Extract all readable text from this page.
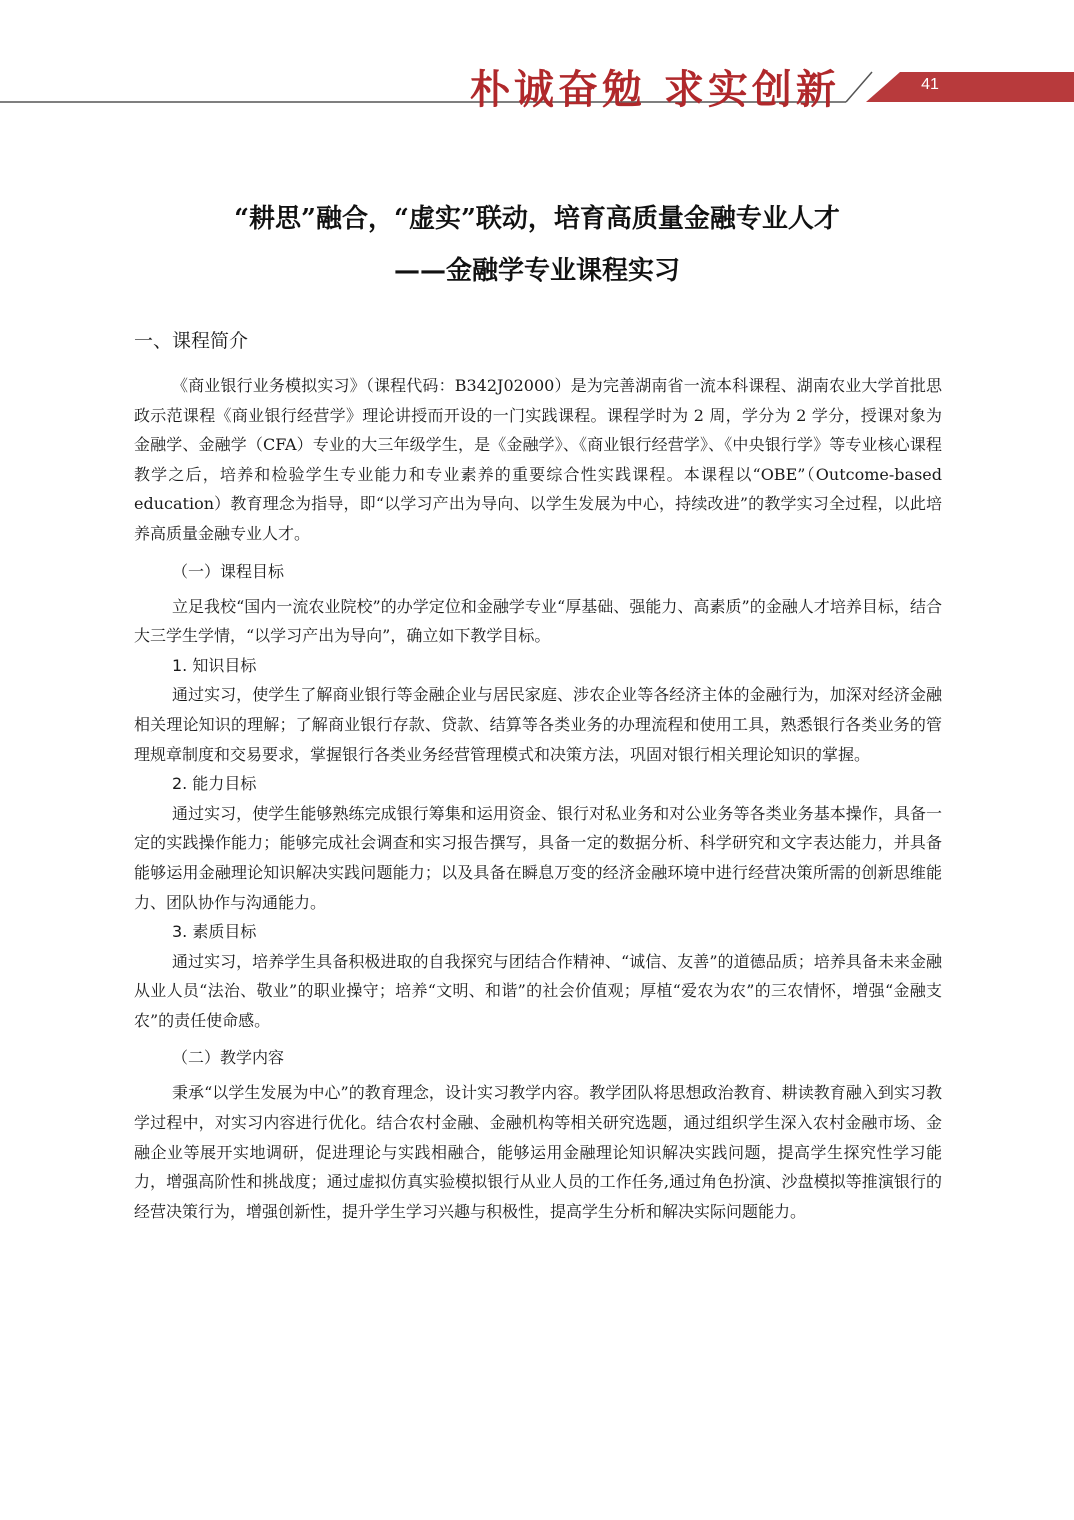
朴诚奋勉 求实创新	41
“耕思”融合，“虚实”联动，培育高质量金融专业人才
——金融学专业课程实习
一、课程简介
《商业银行业务模拟实习》（课程代码：B342J02000）是为完善湖南省一流本科课程、湖南农业大学首批思政示范课程《商业银行经营学》理论讲授而开设的一门实践课程。课程学时为 2 周，学分为 2 学分，授课对象为金融学、金融学（CFA）专业的大三年级学生，是《金融学》、《商业银行经营学》、《中央银行学》等专业核心课程教学之后，培养和检验学生专业能力和专业素养的重要综合性实践课程。本课程以“OBE”（Outcome-based education）教育理念为指导，即“以学习产出为导向、以学生发展为中心，持续改进”的教学实习全过程，以此培养高质量金融专业人才。
（一）课程目标
立足我校“国内一流农业院校”的办学定位和金融学专业“厚基础、强能力、高素质”的金融人才培养目标，结合大三学生学情，“以学习产出为导向”，确立如下教学目标。
1. 知识目标
通过实习，使学生了解商业银行等金融企业与居民家庭、涉农企业等各经济主体的金融行为，加深对经济金融相关理论知识的理解；了解商业银行存款、贷款、结算等各类业务的办理流程和使用工具，熟悉银行各类业务的管理规章制度和交易要求，掌握银行各类业务经营管理模式和决策方法，巩固对银行相关理论知识的掌握。
2. 能力目标
通过实习，使学生能够熟练完成银行筹集和运用资金、银行对私业务和对公业务等各类业务基本操作，具备一定的实践操作能力；能够完成社会调查和实习报告撰写，具备一定的数据分析、科学研究和文字表达能力，并具备能够运用金融理论知识解决实践问题能力；以及具备在瞬息万变的经济金融环境中进行经营决策所需的创新思维能力、团队协作与沟通能力。
3. 素质目标
通过实习，培养学生具备积极进取的自我探究与团结合作精神、“诚信、友善”的道德品质；培养具备未来金融从业人员“法治、敬业”的职业操守；培养“文明、和谐”的社会价值观；厚植“爱农为农”的三农情怀，增强“金融支农”的责任使命感。
（二）教学内容
秉承“以学生发展为中心”的教育理念，设计实习教学内容。教学团队将思想政治教育、耕读教育融入到实习教学过程中，对实习内容进行优化。结合农村金融、金融机构等相关研究选题，通过组织学生深入农村金融市场、金融企业等展开实地调研，促进理论与实践相融合，能够运用金融理论知识解决实践问题，提高学生探究性学习能力，增强高阶性和挑战度；通过虚拟仿真实验模拟银行从业人员的工作任务,通过角色扮演、沙盘模拟等推演银行的经营决策行为，增强创新性，提升学生学习兴趣与积极性，提高学生分析和解决实际问题能力。
